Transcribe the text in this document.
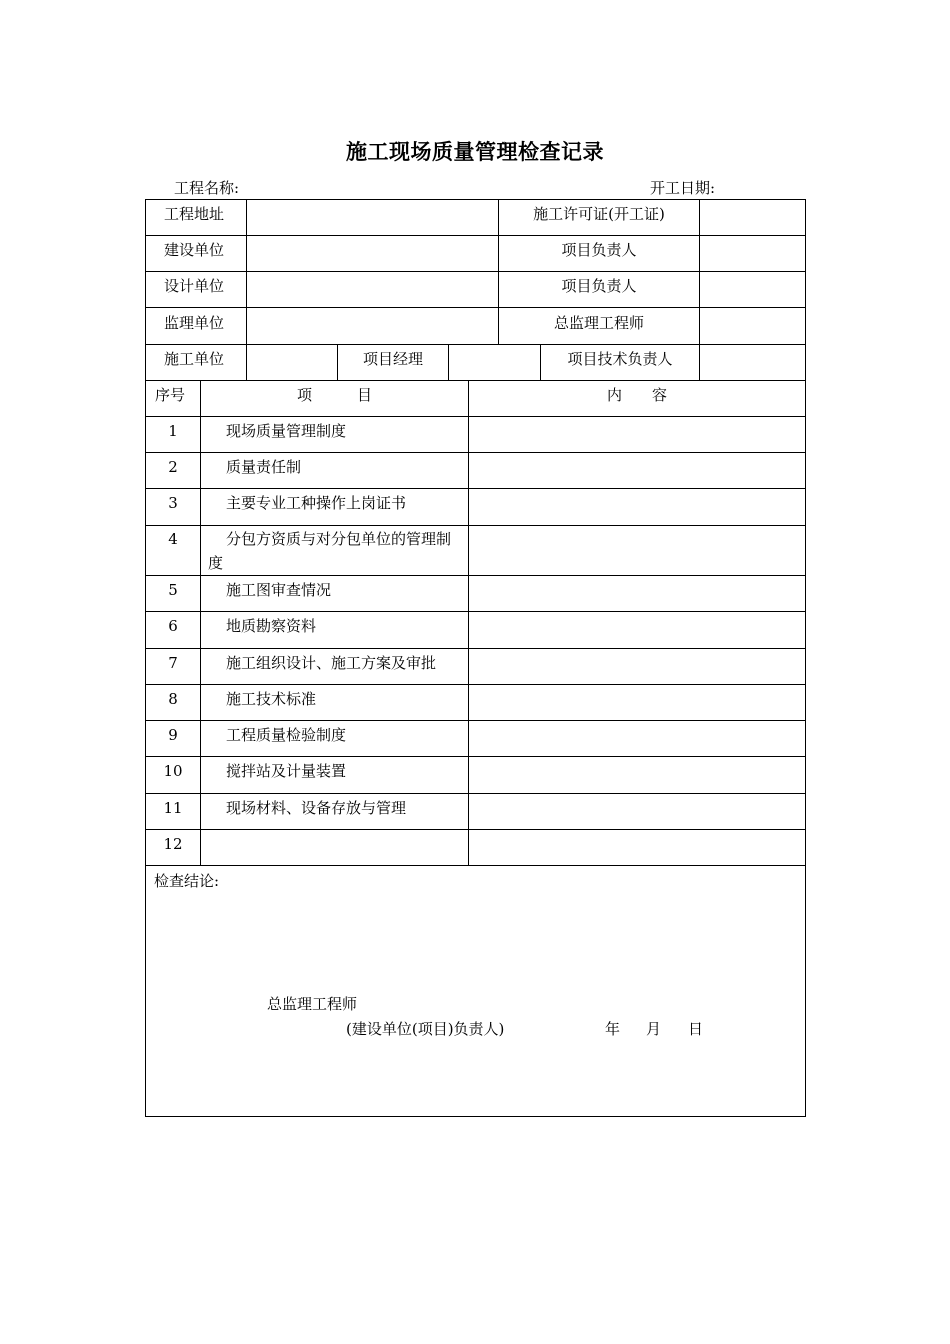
施工现场质量管理检查记录
工程名称:	开工日期:
工程地址	施工许可证(开工证)
建设单位	项目负责人
设计单位	项目负责人
监理单位	总监理工程师
施工单位	项目经理	项目技术负责人
序号	项　　　目	内　　容
1	现场质量管理制度
2	质量责任制
3	主要专业工种操作上岗证书
4	分包方资质与对分包单位的管理制度
5	施工图审查情况
6	地质勘察资料
7	施工组织设计、施工方案及审批
8	施工技术标准
9	工程质量检验制度
10	搅拌站及计量装置
11	现场材料、设备存放与管理
12
检查结论:
总监理工程师
(建设单位(项目)负责人)	年 月 日
